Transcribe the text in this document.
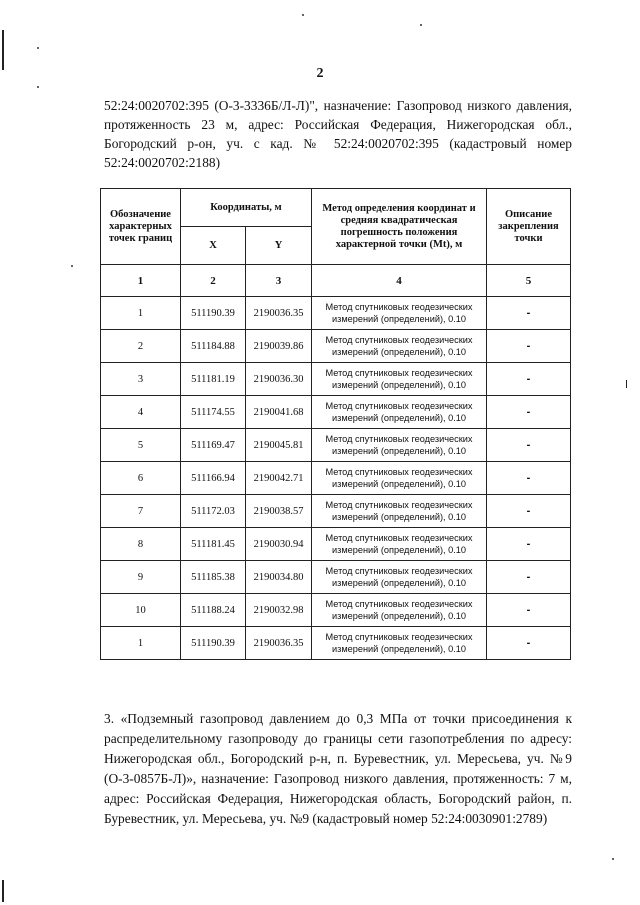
2
52:24:0020702:395 (О-3-3336Б/Л-Л)", назначение: Газопровод низкого давления, протяженность 23 м, адрес: Российская Федерация, Нижегородская обл., Богородский р-он, уч. с кад. № 52:24:0020702:395 (кадастровый номер 52:24:0020702:2188)
Обозначение характерных точек границ	Координаты, м		Метод определения координат и средняя квадратическая погрешность положения характерной точки (Mt), м	Описание закрепления точки
	X	Y		
1	2	3	4	5
1	511190.39	2190036.35	Метод спутниковых геодезических измерений (определений), 0.10	-
2	511184.88	2190039.86	Метод спутниковых геодезических измерений (определений), 0.10	-
3	511181.19	2190036.30	Метод спутниковых геодезических измерений (определений), 0.10	-
4	511174.55	2190041.68	Метод спутниковых геодезических измерений (определений), 0.10	-
5	511169.47	2190045.81	Метод спутниковых геодезических измерений (определений), 0.10	-
6	511166.94	2190042.71	Метод спутниковых геодезических измерений (определений), 0.10	-
7	511172.03	2190038.57	Метод спутниковых геодезических измерений (определений), 0.10	-
8	511181.45	2190030.94	Метод спутниковых геодезических измерений (определений), 0.10	-
9	511185.38	2190034.80	Метод спутниковых геодезических измерений (определений), 0.10	-
10	511188.24	2190032.98	Метод спутниковых геодезических измерений (определений), 0.10	-
1	511190.39	2190036.35	Метод спутниковых геодезических измерений (определений), 0.10	-
3. «Подземный газопровод давлением до 0,3 МПа от точки присоединения к распределительному газопроводу до границы сети газопотребления по адресу: Нижегородская обл., Богородский р-н, п. Буревестник, ул. Мересьева, уч. №9 (О-3-0857Б-Л)», назначение: Газопровод низкого давления, протяженность: 7 м, адрес: Российская Федерация, Нижегородская область, Богородский район, п. Буревестник, ул. Мересьева, уч. №9 (кадастровый номер 52:24:0030901:2789)
